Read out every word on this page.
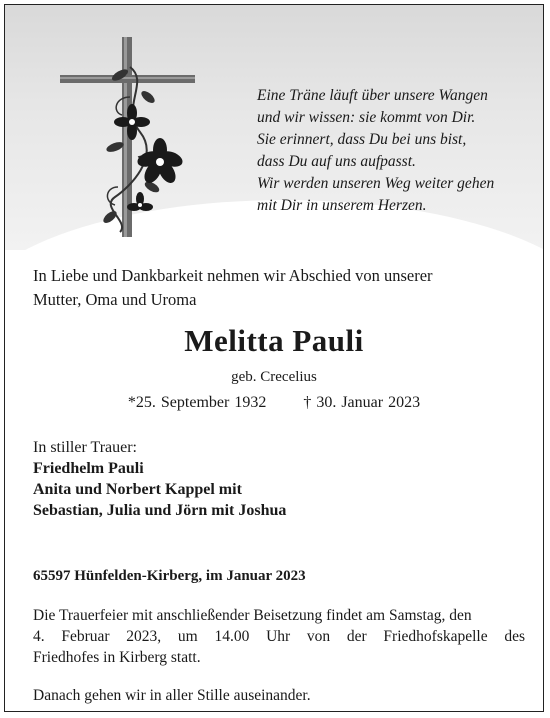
Eine Träne läuft über unsere Wangen
und wir wissen: sie kommt von Dir.
Sie erinnert, dass Du bei uns bist,
dass Du auf uns aufpasst.
Wir werden unseren Weg weiter gehen
mit Dir in unserem Herzen.
In Liebe und Dankbarkeit nehmen wir Abschied von unserer
Mutter, Oma und Uroma
Melitta Pauli
geb. Crecelius
*25. September 1932 † 30. Januar 2023
In stiller Trauer:
Friedhelm Pauli
Anita und Norbert Kappel mit
Sebastian, Julia und Jörn mit Joshua
65597 Hünfelden-Kirberg, im Januar 2023
Die Trauerfeier mit anschließender Beisetzung findet am Samstag, den
4. Februar 2023, um 14.00 Uhr von der Friedhofskapelle des
Friedhofes in Kirberg statt.
Danach gehen wir in aller Stille auseinander.
